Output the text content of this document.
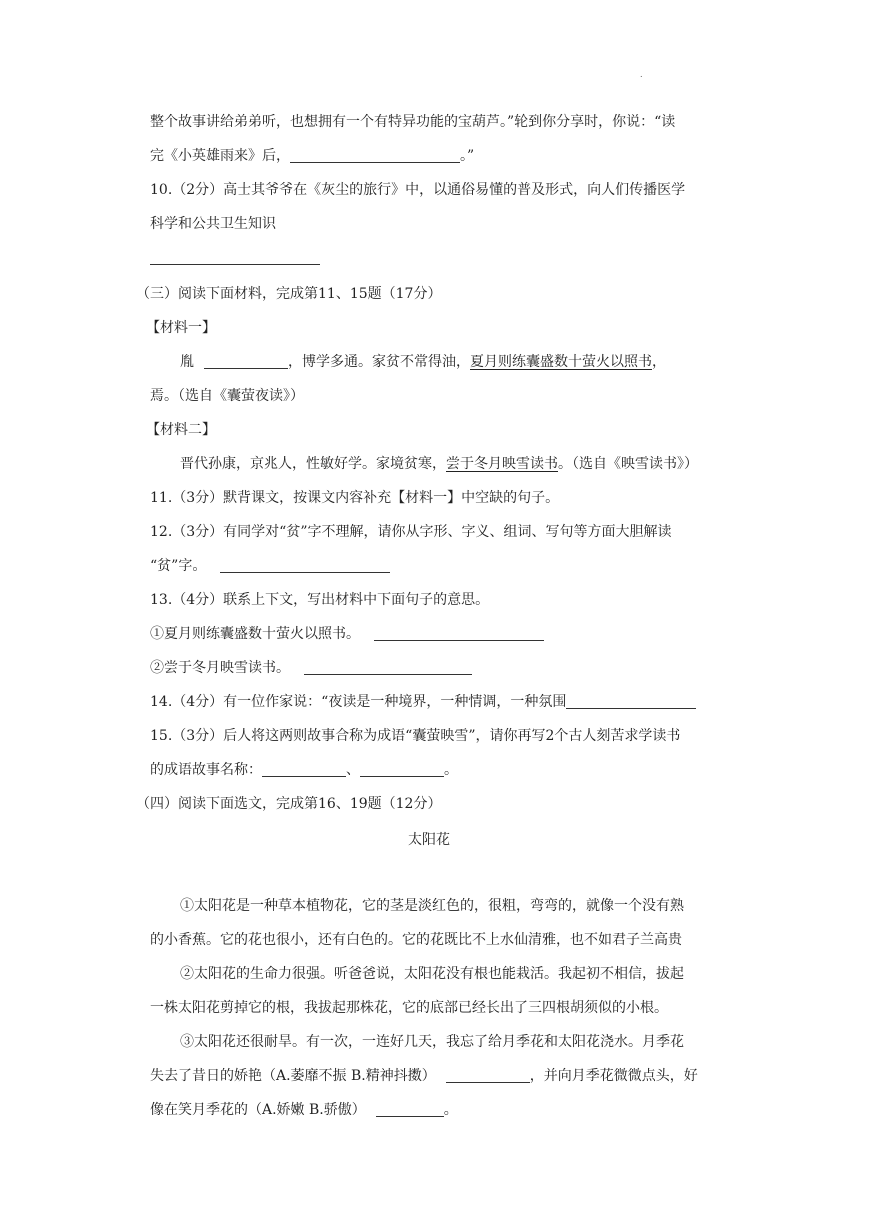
.
整个故事讲给弟弟听，也想拥有一个有特异功能的宝葫芦。”轮到你分享时，你说：“读
完《小英雄雨来》后，	。”
10.（2分）高士其爷爷在《灰尘的旅行》中，以通俗易懂的普及形式，向人们传播医学
科学和公共卫生知识
（三）阅读下面材料，完成第11、15题（17分）
【材料一】
胤	，博学多通。家贫不常得油，夏月则练囊盛数十萤火以照书，
焉。（选自《囊萤夜读》）
【材料二】
晋代孙康，京兆人，性敏好学。家境贫寒，尝于冬月映雪读书。（选自《映雪读书》）
11.（3分）默背课文，按课文内容补充【材料一】中空缺的句子。
12.（3分）有同学对“贫”字不理解，请你从字形、字义、组词、写句等方面大胆解读
“贫”字。
13.（4分）联系上下文，写出材料中下面句子的意思。
①夏月则练囊盛数十萤火以照书。
②尝于冬月映雪读书。
14.（4分）有一位作家说：“夜读是一种境界，一种情调，一种氛围
15.（3分）后人将这两则故事合称为成语“囊萤映雪”，请你再写2个古人刻苦求学读书
的成语故事名称：	、	。
（四）阅读下面选文，完成第16、19题（12分）
太阳花
①太阳花是一种草本植物花，它的茎是淡红色的，很粗，弯弯的，就像一个没有熟
的小香蕉。它的花也很小，还有白色的。它的花既比不上水仙清雅，也不如君子兰高贵
②太阳花的生命力很强。听爸爸说，太阳花没有根也能栽活。我起初不相信，拔起
一株太阳花剪掉它的根，我拔起那株花，它的底部已经长出了三四根胡须似的小根。
③太阳花还很耐旱。有一次，一连好几天，我忘了给月季花和太阳花浇水。月季花
失去了昔日的娇艳（A.萎靡不振 B.精神抖擞）	，并向月季花微微点头，好
像在笑月季花的（A.娇嫩 B.骄傲）	。
